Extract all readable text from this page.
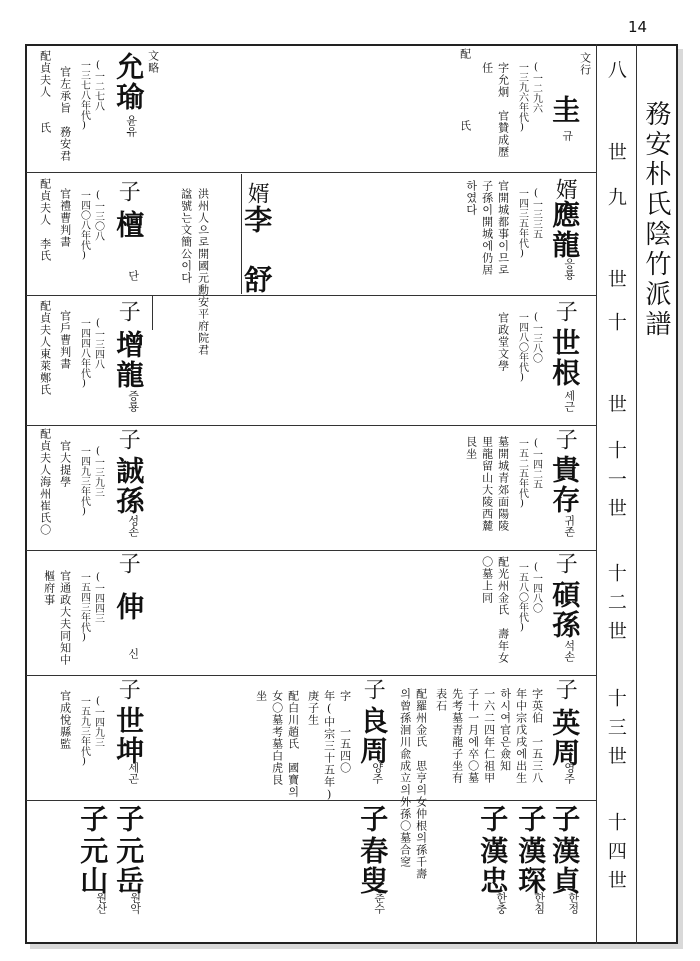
14
務安朴氏陰竹派譜
八　世
九　世
十　世
十一世
十二世
十三世
十四世
文行
圭
규
(一二九六
一三九六年代)
字允炯　官贊成歷
任
配
氏
文略
允瑜
윤유
(一二七八
一三七八年代)
官左承旨　務安君
配貞夫人　　氏
婿
應龍
응룡
(一三三五
一四三五年代)
官開城都事이므로
子孫이開城에仍居
하였다
婿
李　舒
洪州人으로開國元勳安平府院君
諡號는文簡公이다
子
檀
단
(一三〇八
一四〇八年代)
官禮曹判書
配貞夫人　李氏
子
世根
세근
(一三八〇
一四八〇年代)
官政堂文學
子
增龍
증룡
(一三四八
一四四八年代)
官戶曹判書
配貞夫人東萊鄭氏
子
貴存
귀존
(一四二五
一五二五年代)
墓開城青郊面陽陵
里龍留山大陵西麓
艮坐
子
誠孫
성손
(一三九三
一四九三年代)
官大提學
配貞夫人海州崔氏〇
子
碩孫
석손
(一四八〇
一五八〇年代)
配光州金氏　壽年女
〇墓上同
子
伸
신
(一四四三
一五四三年代)
官通政大夫同知中
樞府事
子
英周
영주
字英伯　一五三八
年中宗戊戌에出生
하시여官은僉知
一六二四年仁祖甲
子十一月에卒〇墓
先考墓青龍子坐有
表石
配羅州金氏　思亨의女仲根의孫千壽
의曾孫洄川兪成立의外孫〇墓合窆
子
良周
양주
字　　一五四〇
年(中宗三十五年)
庚子生
配白川趙氏　國寶의
女〇墓考墓白虎艮
坐
子
世坤
세곤
(一四九三
一五九三年代)
官成悅縣監
子
漢貞
한정
子
漢琛
한침
子
漢忠
한충
子
春叟
춘수
子
元岳
원악
子
元山
원산
